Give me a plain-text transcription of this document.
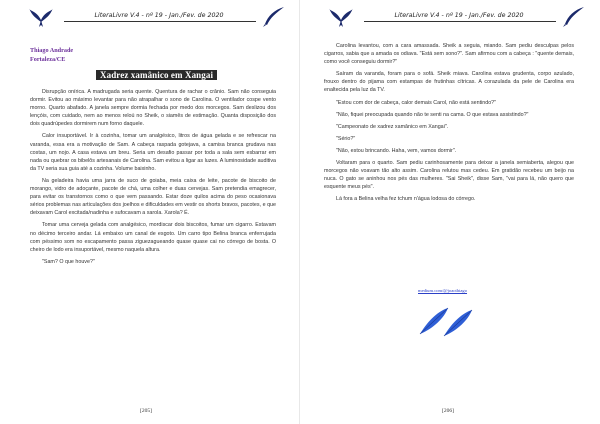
LiteraLivre V.4 - nº 19 - Jan./Fev. de 2020
Thiago Andrade
Fortaleza/CE
Xadrez xamânico em Xangai

Disrupção onírica. A madrugada seria quente. Quentura de rachar o crânio. Sam não conseguia dormir. Evitou ao máximo levantar para não atrapalhar o sono de Carolina. O ventilador cospe vento morno. Quarto abafado. A janela sempre dormia fechada por medo dos morcegos. Sam deslizou dos lençóis, com cuidado, nem ao menos reloú no Sheik, o siamês de estimação. Quanta disposição dos dois quadrúpedes dormirem num forno daquele.

Calor insuportável. Ir à cozinha, tomar um analgésico, litros de água gelada e se refrescar na varanda, essa era a motivação de Sam. A cabeça raspada gotejava, a camisa branca grudava nas costas, um nojo. A casa estava um breu. Seria um desafio passar por toda a sala sem esbarrar em nada ou quebrar os bibelôs artesanais de Carolina. Sam evitou a ligar as luzes. A luminosidade auditiva da TV seria sua guia até a cozinha. Volume baixinho.

Na geladeira havia uma jarra de suco de goiaba, meia caixa de leite, pacote de biscoito de morango, vidro de adoçante, pacote de chá, uma colher e duas cervejas. Sam pretendia emagrecer, para evitar os transtornos como o que vem passando. Estar doze quilos acima do peso ocasionava sérios problemas nas articulações dos joelhos e dificuldades em vestir os shorts bravos, pacotes, e que deixavam Carol excitada/nadinha e sufocavam a xarola. Xarola? É.

Tomar uma cerveja gelada com analgésico, mordiscar dois biscoitos, fumar um cigarro. Estavam no décimo terceiro andar. Lá embaixo um canal de esgoto. Um carro tipo Belina branca enferrujada com péssimo som no escapamento passa ziguezagueando quase quase cai no córrego de bosta. O cheiro de lodo era insuportável, mesmo naquela altura.

"Sam? O que houve?"

[205]
LiteraLivre V.4 - nº 19 - Jan./Fev. de 2020

Carolina levantou, com a cara amassada. Sheik a seguia, miando. Sam pediu desculpas pelos cigarros, sabia que a amada os odiava. "Está sem sono?". Sam afirmou com a cabeça : "quente demais, como você conseguiu dormir?"

Saíram da varanda, foram para o sofá. Sheik miava. Carolina estava grudenta, corpo azulado, frouxo dentro do pijama com estampas de frutinhas cítricas. A corazulada da pele de Carolina era enaltecida pela luz da TV.

"Estou com dor de cabeça, calor demais Carol, não está sentindo?"

"Não, fiquei preocupada quando não te senti na cama. O que estava assistindo?"

"Campeonato de xadrez xamânico em Xangai".

"Sério?"

"Não, estou brincando. Haha, vem, vamos dormir".

Voltaram para o quarto. Sam pediu carinhosamente para deixar a janela semiaberta, alegou que morcegos não voavam tão alto assim. Carolina relutou mas cedeu. Em gratidão recebeu um beijo na nuca. O gato se aninhou nos pés das mulheres. "Sai Sheik", disse Sam, "vai para lá, não quero que esquente meus pés".

Lá fora a Belina velha fez tchum n'água lodosa do córrego.

medium.com/@joaothiago
[206]
